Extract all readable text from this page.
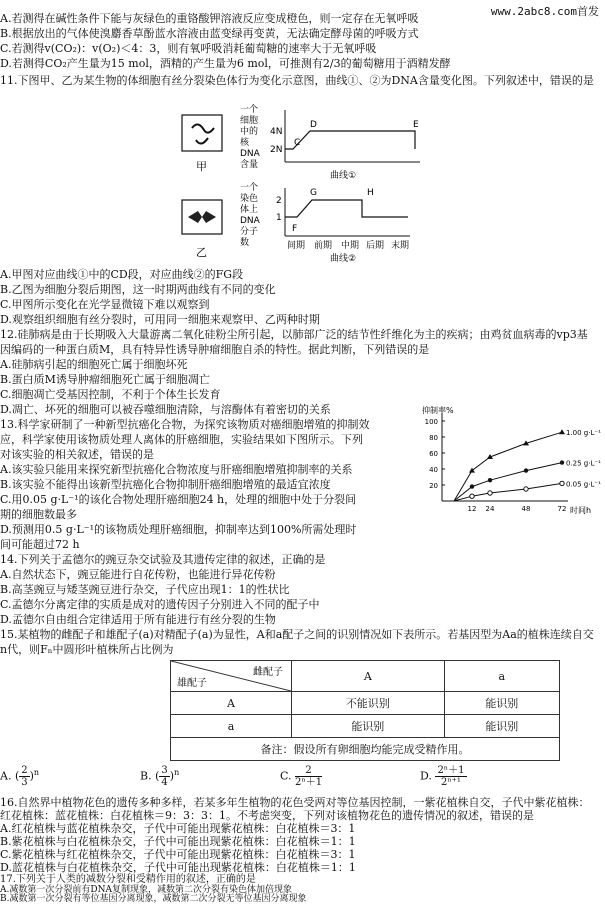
www.2abc8.com首发
A.若测得在碱性条件下能与灰绿色的重铬酸钾溶液反应变成橙色，则一定存在无氧呼吸
B.根据放出的气体使溴麝香草酚蓝水溶液由蓝变绿再变黄，无法确定酵母菌的呼吸方式
C.若测得v(CO₂)：v(O₂)＜4：3，则有氧呼吸消耗葡萄糖的速率大于无氧呼吸
D.若测得CO₂产生量为15 mol，酒精的产生量为6 mol，可推测有2/3的葡萄糖用于酒精发酵
11.下图甲、乙为某生物的体细胞有丝分裂染色体行为变化示意图，曲线①、②为DNA含量变化图。下列叙述中，错误的是
甲
乙
一个
细胞
中的
核
DNA
含量
4N
2N
C
D	E
曲线①
一个
染色
体上
DNA
分子
数
2
1
F
G	H
间期 前期 中期 后期 末期
曲线②
A.甲图对应曲线①中的CD段，对应曲线②的FG段
B.乙图为细胞分裂后期图，这一时期两曲线有不同的变化
C.甲图所示变化在光学显微镜下难以观察到
D.观察组织细胞有丝分裂时，可用同一细胞来观察甲、乙两种时期
12.硅肺病是由于长期吸入大量游离二氧化硅粉尘所引起，以肺部广泛的结节性纤维化为主的疾病；由鸡贫血病毒的vp3基
因编码的一种蛋白质M，具有特异性诱导肿瘤细胞自杀的特性。据此判断，下列错误的是
A.硅肺病引起的细胞死亡属于细胞坏死
B.蛋白质M诱导肿瘤细胞死亡属于细胞凋亡
C.细胞凋亡受基因控制，不利于个体生长发育
D.凋亡、坏死的细胞可以被吞噬细胞清除，与溶酶体有着密切的关系
13.科学家研制了一种新型抗癌化合物，为探究该物质对癌细胞增殖的抑制效
应，科学家使用该物质处理人离体的肝癌细胞，实验结果如下图所示。下列
对该实验的相关叙述，错误的是
A.该实验只能用来探究新型抗癌化合物浓度与肝癌细胞增殖抑制率的关系
B.该实验不能得出该新型抗癌化合物抑制肝癌细胞增殖的最适宜浓度
C.用0.05 g·L⁻¹的该化合物处理肝癌细胞24 h，处理的细胞中处于分裂间
期的细胞数最多
D.预测用0.5 g·L⁻¹的该物质处理肝癌细胞，抑制率达到100%所需处理时
间可能超过72 h
抑制率%
时间h
20
40
60
80
100
12 24	48	72
1.00 g·L⁻¹
0.25 g·L⁻¹
0.05 g·L⁻¹
14.下列关于孟德尔的豌豆杂交试验及其遗传定律的叙述，正确的是
A.自然状态下，豌豆能进行自花传粉，也能进行异花传粉
B.高茎豌豆与矮茎豌豆进行杂交，子代应出现1：1的性状比
C.孟德尔分离定律的实质是成对的遗传因子分别进入不同的配子中
D.孟德尔自由组合定律适用于所有能进行有丝分裂的生物
15.某植物的雌配子和雄配子(a)对精配子(a)为显性，A和a配子之间的识别情况如下表所示。若基因型为Aa的植株连续自交
n代，则Fₙ中圆形叶植株所占比例为
雌配子
雄配子	A	a
A	不能识别	能识别
a	能识别	能识别
备注：假设所有卵细胞均能完成受精作用。		
A. ( $\frac{2}{3} )^n$	B. ( $\frac{3}{4} )^n$	C. $\frac{2}{\text{2ⁿ＋1}}$	D. $\frac{\text{2ⁿ＋1}}{\text{2ⁿ⁺¹}}$
16.自然界中植物花色的遗传多种多样，若某多年生植物的花色受两对等位基因控制，一紫花植株自交，子代中紫花植株：
红花植株：蓝花植株：白花植株＝9：3：3：1。不考虑突变，下列对该植物花色的遗传情况的叙述，错误的是
A.红花植株与蓝花植株杂交，子代中可能出现紫花植株：白花植株＝3：1
B.紫花植株与白花植株杂交，子代中可能出现紫花植株：白花植株＝1：1
C.紫花植株与红花植株杂交，子代中可能出现紫花植株：白花植株＝3：1
D.蓝花植株与白花植株杂交，子代中可能出现紫花植株：白花植株＝1：1
17.下列关于人类的减数分裂和受精作用的叙述，正确的是
A.减数第一次分裂前有DNA复制现象，减数第二次分裂有染色体加倍现象
B.减数第一次分裂有等位基因分离现象，减数第二次分裂无等位基因分离现象
